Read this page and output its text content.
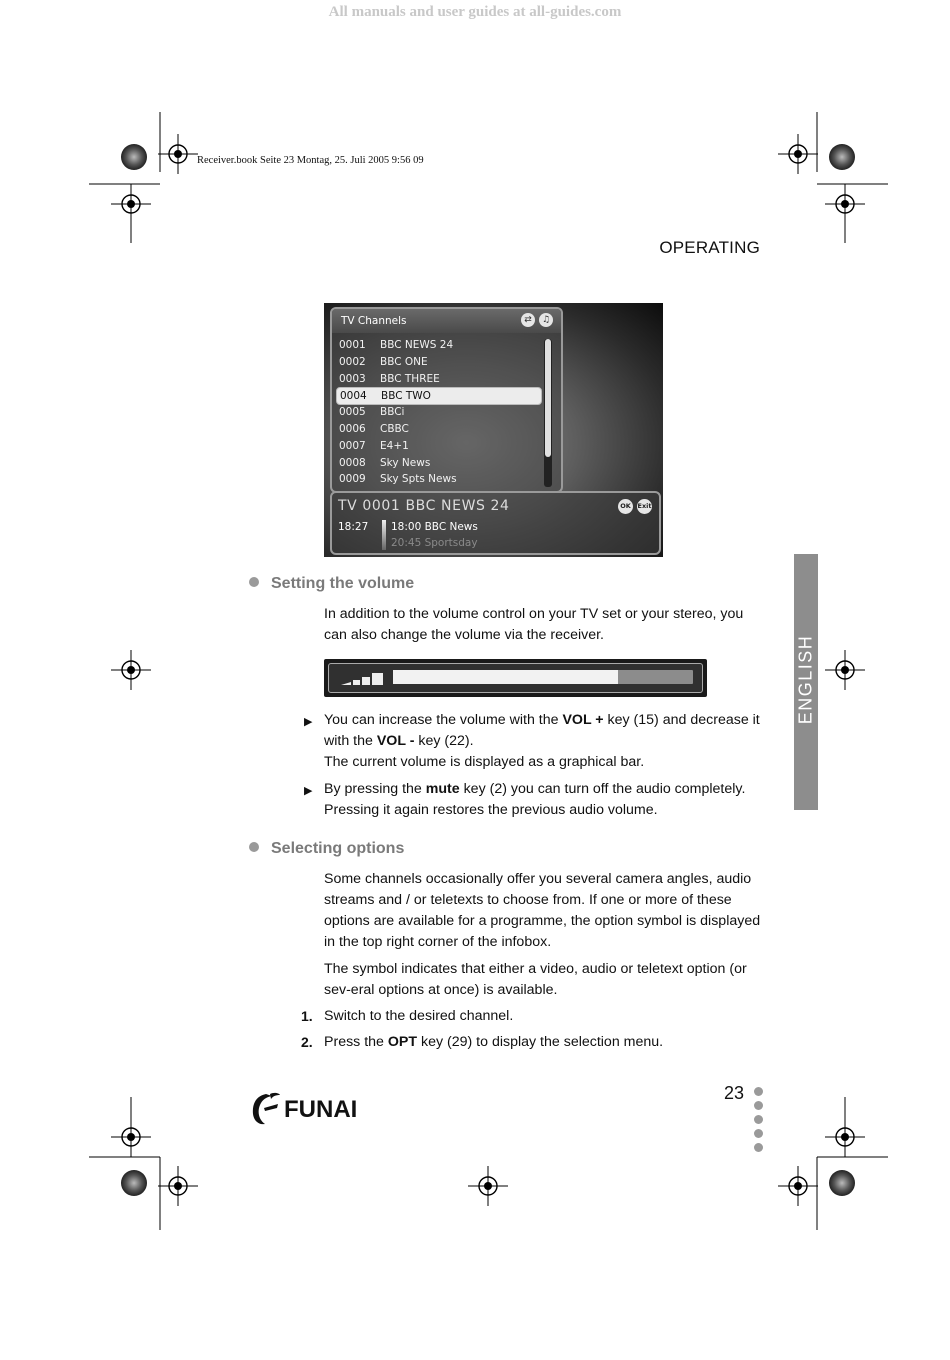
All manuals and user guides at all-guides.com
Receiver.book Seite 23 Montag, 25. Juli 2005 9:56 09
OPERATING
TV Channels	⇄	♫
0001 BBC NEWS 24
0002 BBC ONE
0003 BBC THREE
0004 BBC TWO
0005 BBCi
0006 CBBC
0007 E4+1
0008 Sky News
0009 Sky Spts News
TV 0001 BBC NEWS 24	OK	Exit
18:27 18:00 BBC News
20:45 Sportsday
Setting the volume
In addition to the volume control on your TV set or your stereo, you can also change the volume via the receiver.
▶ You can increase the volume with the VOL + key (15) and decrease it with the VOL - key (22).
The current volume is displayed as a graphical bar.
▶ By pressing the mute key (2) you can turn off the audio completely. Pressing it again restores the previous audio volume.
Selecting options
Some channels occasionally offer you several camera angles, audio streams and / or teletexts to choose from. If one or more of these options are available for a programme, the option symbol is displayed in the top right corner of the infobox.
The symbol indicates that either a video, audio or teletext option (or sev-eral options at once) is available.
1. Switch to the desired channel.
2. Press the OPT key (29) to display the selection menu.
ENGLISH
FUNAI
23
